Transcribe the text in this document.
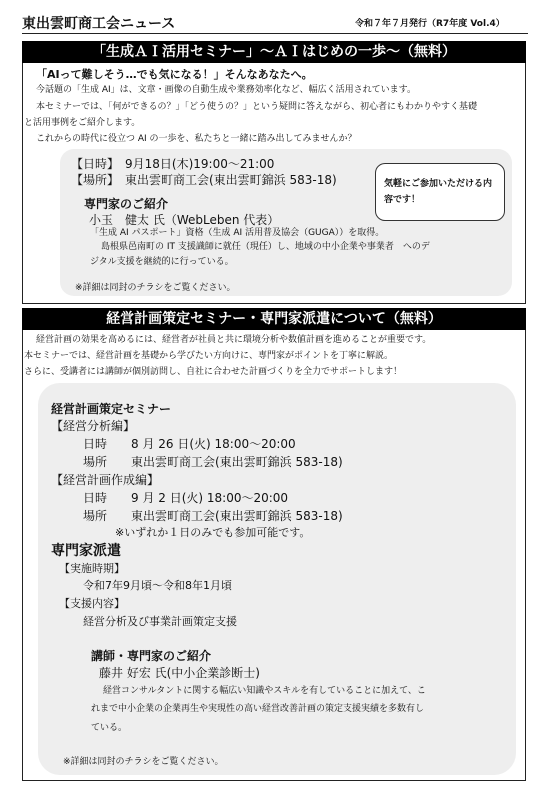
東出雲町商工会ニュース	令和７年７月発行（R7年度 Vol.4）
「生成ＡＩ活用セミナー」～ＡＩはじめの一歩～（無料）
「AIって難しそう…でも気になる！」そんなあなたへ。
今話題の「生成 AI」は、文章・画像の自動生成や業務効率化など、幅広く活用されています。
本セミナーでは、「何ができるの？」「どう使うの？」という疑問に答えながら、初心者にもわかりやすく基礎
と活用事例をご紹介します。
これからの時代に役立つ AI の一歩を、私たちと一緒に踏み出してみませんか？
【日時】　9月18日(木)19:00～21:00
【場所】　東出雲町商工会(東出雲町錦浜 583-18)	気軽にご参加いただける内容です！
専門家のご紹介
小玉　健太 氏（WebLeben 代表）
「生成 AI パスポート」資格（生成 AI 活用普及協会（GUGA））を取得。
島根県邑南町の IT 支援識師に就任（現任）し、地域の中小企業や事業者　へのデ
ジタル支援を継続的に行っている。
※詳細は同封のチラシをご覧ください。
経営計画策定セミナー・専門家派遣について（無料）
経営計画の効果を高めるには、経営者が社員と共に環境分析や数値計画を進めることが重要です。
本セミナーでは、経営計画を基礎から学びたい方向けに、専門家がポイントを丁寧に解説。
さらに、受講者には講師が個別訪問し、自社に合わせた計画づくりを全力でサポートします！
経営計画策定セミナー
【経営分析編】
日時　　8 月 26 日(火) 18:00～20:00
場所　　東出雲町商工会(東出雲町錦浜 583-18)
【経営計画作成編】
日時　　9 月 2 日(火) 18:00～20:00
場所　　東出雲町商工会(東出雲町錦浜 583-18)
※いずれか１日のみでも参加可能です。
専門家派遣
【実施時期】
令和7年9月頃～令和8年1月頃
【支援内容】
経営分析及び事業計画策定支援
講師・専門家のご紹介
藤井 好宏 氏(中小企業診断士)
経営コンサルタントに関する幅広い知識やスキルを有していることに加えて、こ
れまで中小企業の企業再生や実現性の高い経営改善計画の策定支援実績を多数有し
ている。
※詳細は同封のチラシをご覧ください。
